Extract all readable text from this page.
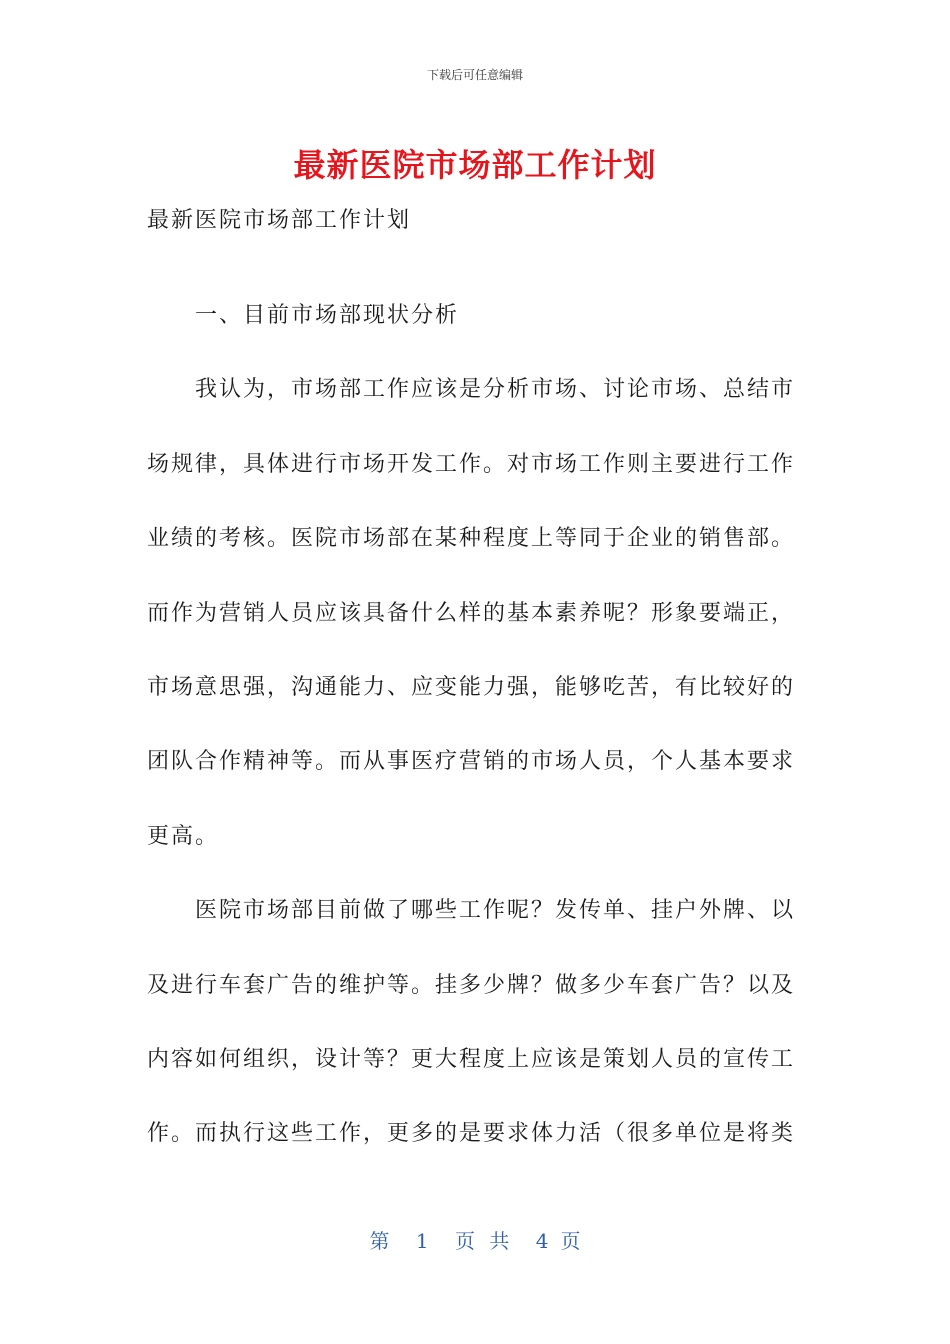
下载后可任意编辑
最新医院市场部工作计划

最新医院市场部工作计划

一、目前市场部现状分析

我认为，市场部工作应该是分析市场、讨论市场、总结市

场规律，具体进行市场开发工作。对市场工作则主要进行工作

业绩的考核。医院市场部在某种程度上等同于企业的销售部。

而作为营销人员应该具备什么样的基本素养呢？形象要端正，

市场意思强，沟通能力、应变能力强，能够吃苦，有比较好的

团队合作精神等。而从事医疗营销的市场人员，个人基本要求

更高。

医院市场部目前做了哪些工作呢？发传单、挂户外牌、以

及进行车套广告的维护等。挂多少牌？做多少车套广告？以及

内容如何组织，设计等？更大程度上应该是策划人员的宣传工

作。而执行这些工作，更多的是要求体力活（很多单位是将类

第 1 页 共 4 页
